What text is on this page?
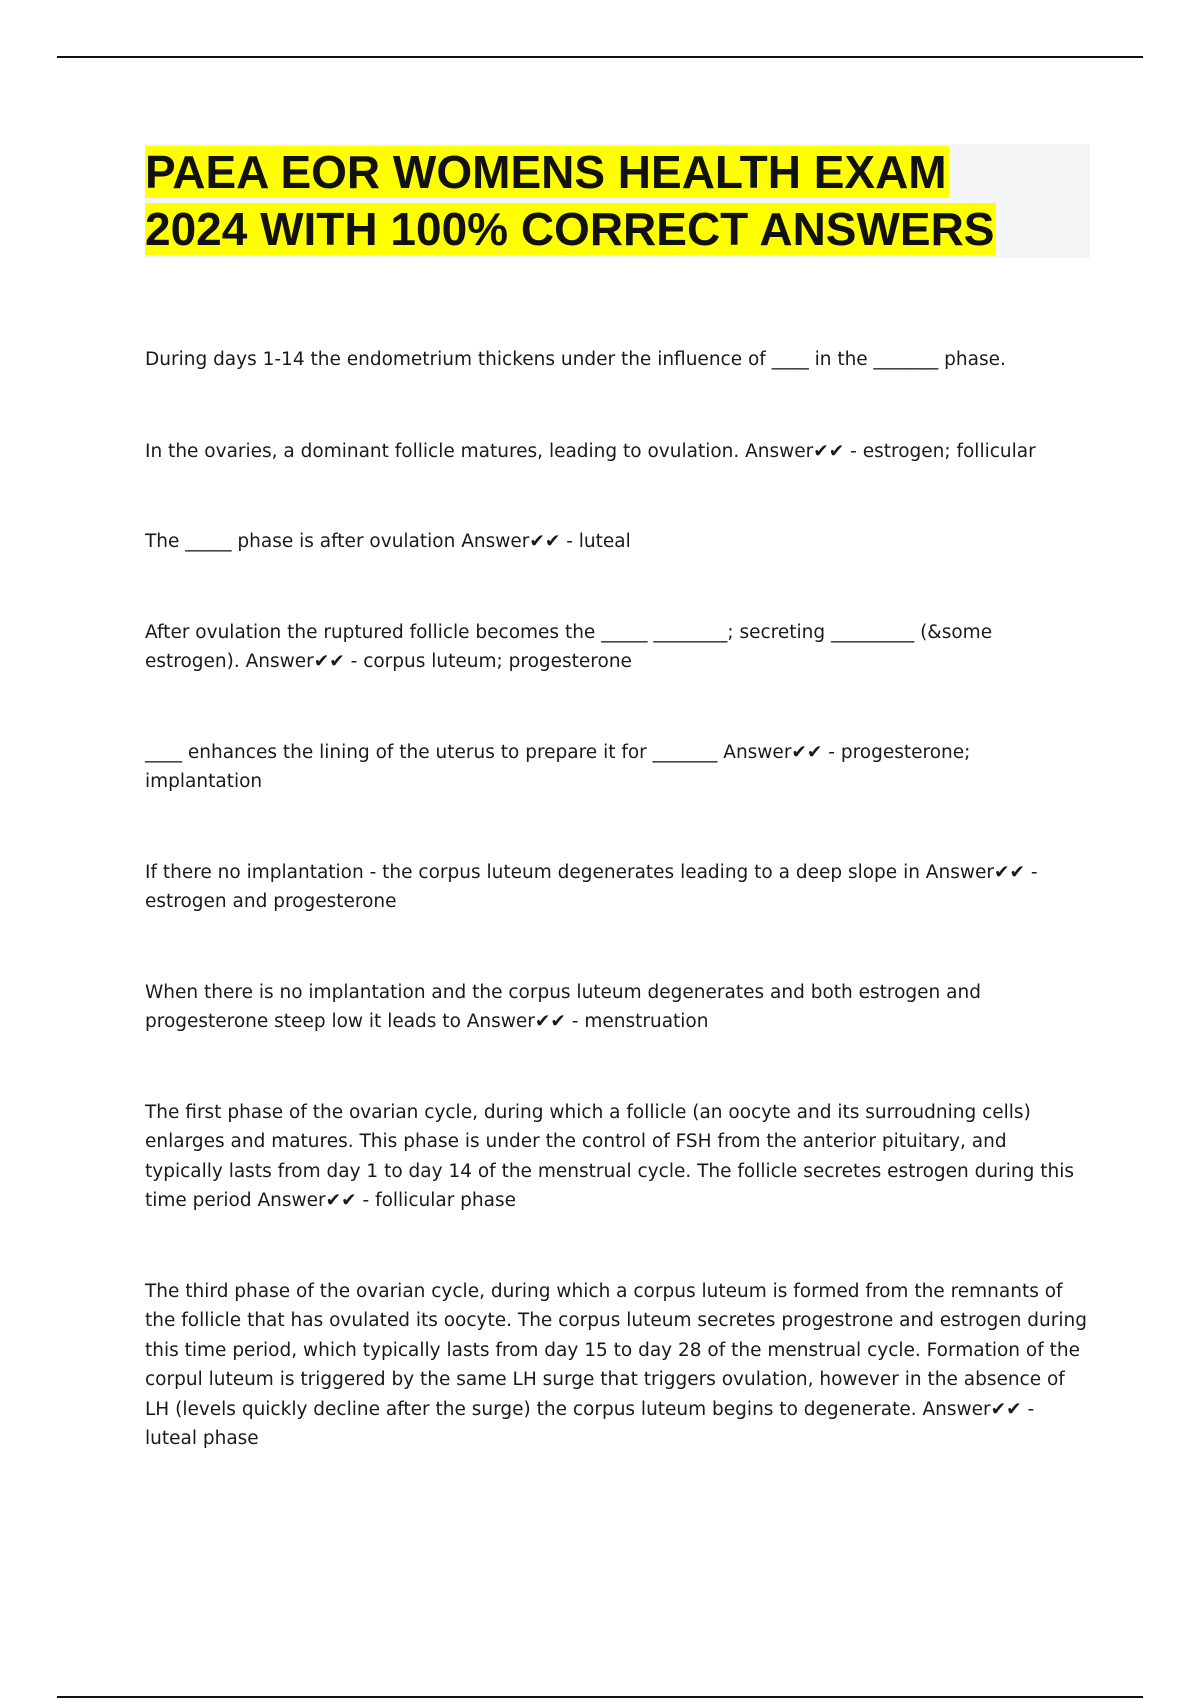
PAEA EOR WOMENS HEALTH EXAM
2024 WITH 100% CORRECT ANSWERS

During days 1-14 the endometrium thickens under the influence of ____ in the _______ phase.

In the ovaries, a dominant follicle matures, leading to ovulation. Answer✔✔ - estrogen; follicular

The _____ phase is after ovulation Answer✔✔ - luteal

After ovulation the ruptured follicle becomes the _____ ________; secreting _________ (&some estrogen). Answer✔✔ - corpus luteum; progesterone

____ enhances the lining of the uterus to prepare it for _______ Answer✔✔ - progesterone; implantation

If there no implantation - the corpus luteum degenerates leading to a deep slope in Answer✔✔ - estrogen and progesterone

When there is no implantation and the corpus luteum degenerates and both estrogen and progesterone steep low it leads to Answer✔✔ - menstruation

The first phase of the ovarian cycle, during which a follicle (an oocyte and its surroudning cells) enlarges and matures. This phase is under the control of FSH from the anterior pituitary, and typically lasts from day 1 to day 14 of the menstrual cycle. The follicle secretes estrogen during this time period Answer✔✔ - follicular phase

The third phase of the ovarian cycle, during which a corpus luteum is formed from the remnants of the follicle that has ovulated its oocyte. The corpus luteum secretes progestrone and estrogen during this time period, which typically lasts from day 15 to day 28 of the menstrual cycle. Formation of the corpul luteum is triggered by the same LH surge that triggers ovulation, however in the absence of LH (levels quickly decline after the surge) the corpus luteum begins to degenerate. Answer✔✔ - luteal phase
